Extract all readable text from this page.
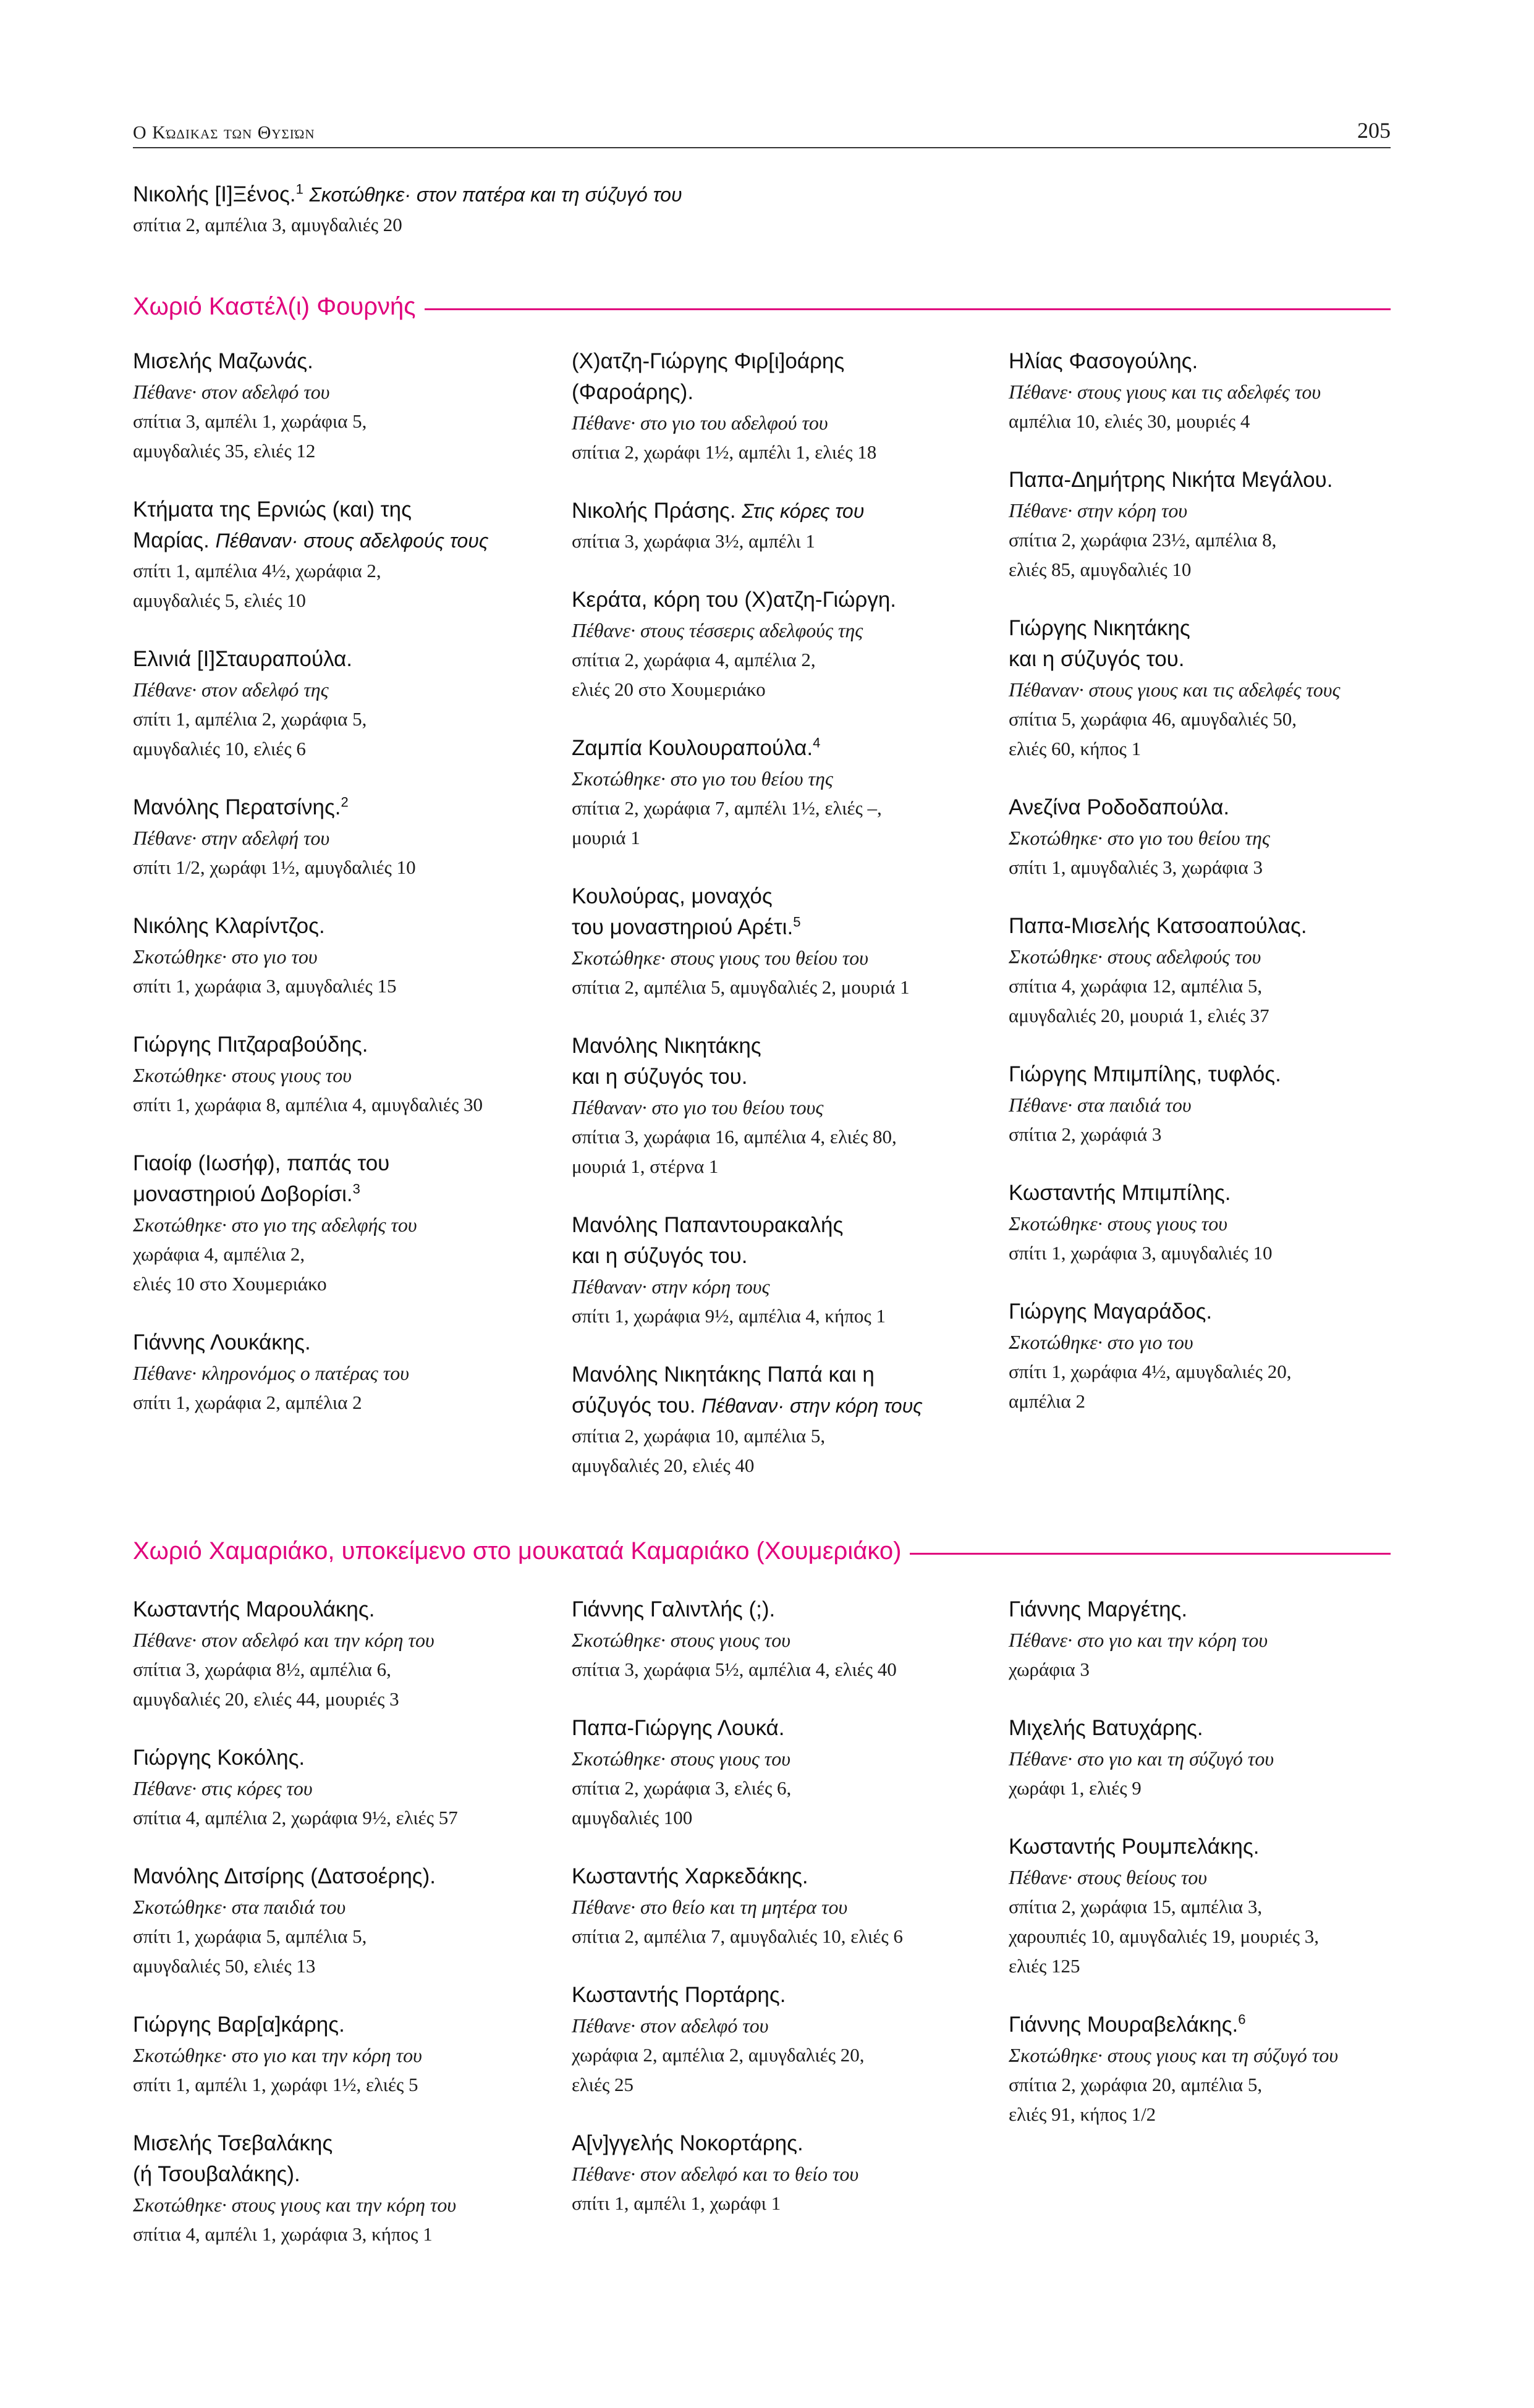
Ο Κώδικας των Θυσιών	205
Νικολής [Ι]Ξένος.$^1$ Σκοτώθηκε· στον πατέρα και τη σύζυγό του
σπίτια 2, αμπέλια 3, αμυγδαλιές 20
Χωριό Καστέλ(ι) Φουρνής
Μισελής Μαζωνάς.
Πέθανε· στον αδελφό του
σπίτια 3, αμπέλι 1, χωράφια 5,
αμυγδαλιές 35, ελιές 12
Κτήματα της Ερνιώς (και) της
Μαρίας. Πέθαναν· στους αδελφούς τους
σπίτι 1, αμπέλια 4½, χωράφια 2,
αμυγδαλιές 5, ελιές 10
Ελινιά [Ι]Σταυραπούλα.
Πέθανε· στον αδελφό της
σπίτι 1, αμπέλια 2, χωράφια 5,
αμυγδαλιές 10, ελιές 6
Μανόλης Περατσίνης.$^2$
Πέθανε· στην αδελφή του
σπίτι 1/2, χωράφι 1½, αμυγδαλιές 10
Νικόλης Κλαρίντζος.
Σκοτώθηκε· στο γιο του
σπίτι 1, χωράφια 3, αμυγδαλιές 15
Γιώργης Πιτζαραβούδης.
Σκοτώθηκε· στους γιους του
σπίτι 1, χωράφια 8, αμπέλια 4, αμυγδαλιές 30
Γιαοίφ (Ιωσήφ), παπάς του
μοναστηριού Δοβορίσι.$^3$
Σκοτώθηκε· στο γιο της αδελφής του
χωράφια 4, αμπέλια 2,
ελιές 10 στο Χουμεριάκο
Γιάννης Λουκάκης.
Πέθανε· κληρονόμος ο πατέρας του
σπίτι 1, χωράφια 2, αμπέλια 2
(Χ)ατζη-Γιώργης Φιρ[ι]οάρης
(Φαροάρης).
Πέθανε· στο γιο του αδελφού του
σπίτια 2, χωράφι 1½, αμπέλι 1, ελιές 18
Νικολής Πράσης. Στις κόρες του
σπίτια 3, χωράφια 3½, αμπέλι 1
Κεράτα, κόρη του (Χ)ατζη-Γιώργη.
Πέθανε· στους τέσσερις αδελφούς της
σπίτια 2, χωράφια 4, αμπέλια 2,
ελιές 20 στο Χουμεριάκο
Ζαμπία Κουλουραπούλα.$^4$
Σκοτώθηκε· στο γιο του θείου της
σπίτια 2, χωράφια 7, αμπέλι 1½, ελιές –,
μουριά 1
Κουλούρας, μοναχός
του μοναστηριού Αρέτι.$^5$
Σκοτώθηκε· στους γιους του θείου του
σπίτια 2, αμπέλια 5, αμυγδαλιές 2, μουριά 1
Μανόλης Νικητάκης
και η σύζυγός του.
Πέθαναν· στο γιο του θείου τους
σπίτια 3, χωράφια 16, αμπέλια 4, ελιές 80,
μουριά 1, στέρνα 1
Μανόλης Παπαντουρακαλής
και η σύζυγός του.
Πέθαναν· στην κόρη τους
σπίτι 1, χωράφια 9½, αμπέλια 4, κήπος 1
Μανόλης Νικητάκης Παπά και η
σύζυγός του. Πέθαναν· στην κόρη τους
σπίτια 2, χωράφια 10, αμπέλια 5,
αμυγδαλιές 20, ελιές 40
Ηλίας Φασογούλης.
Πέθανε· στους γιους και τις αδελφές του
αμπέλια 10, ελιές 30, μουριές 4
Παπα-Δημήτρης Νικήτα Μεγάλου.
Πέθανε· στην κόρη του
σπίτια 2, χωράφια 23½, αμπέλια 8,
ελιές 85, αμυγδαλιές 10
Γιώργης Νικητάκης
και η σύζυγός του.
Πέθαναν· στους γιους και τις αδελφές τους
σπίτια 5, χωράφια 46, αμυγδαλιές 50,
ελιές 60, κήπος 1
Ανεζίνα Ροδοδαπούλα.
Σκοτώθηκε· στο γιο του θείου της
σπίτι 1, αμυγδαλιές 3, χωράφια 3
Παπα-Μισελής Κατσοαπούλας.
Σκοτώθηκε· στους αδελφούς του
σπίτια 4, χωράφια 12, αμπέλια 5,
αμυγδαλιές 20, μουριά 1, ελιές 37
Γιώργης Μπιμπίλης, τυφλός.
Πέθανε· στα παιδιά του
σπίτια 2, χωράφιά 3
Κωσταντής Μπιμπίλης.
Σκοτώθηκε· στους γιους του
σπίτι 1, χωράφια 3, αμυγδαλιές 10
Γιώργης Μαγαράδος.
Σκοτώθηκε· στο γιο του
σπίτι 1, χωράφια 4½, αμυγδαλιές 20,
αμπέλια 2
Χωριό Χαμαριάκο, υποκείμενο στο μουκαταά Καμαριάκο (Χουμεριάκο)
Κωσταντής Μαρουλάκης.
Πέθανε· στον αδελφό και την κόρη του
σπίτια 3, χωράφια 8½, αμπέλια 6,
αμυγδαλιές 20, ελιές 44, μουριές 3
Γιώργης Κοκόλης.
Πέθανε· στις κόρες του
σπίτια 4, αμπέλια 2, χωράφια 9½, ελιές 57
Μανόλης Διτσίρης (Δατσοέρης).
Σκοτώθηκε· στα παιδιά του
σπίτι 1, χωράφια 5, αμπέλια 5,
αμυγδαλιές 50, ελιές 13
Γιώργης Βαρ[α]κάρης.
Σκοτώθηκε· στο γιο και την κόρη του
σπίτι 1, αμπέλι 1, χωράφι 1½, ελιές 5
Μισελής Τσεβαλάκης
(ή Τσουβαλάκης).
Σκοτώθηκε· στους γιους και την κόρη του
σπίτια 4, αμπέλι 1, χωράφια 3, κήπος 1
Γιάννης Γαλιντλής (;).
Σκοτώθηκε· στους γιους του
σπίτια 3, χωράφια 5½, αμπέλια 4, ελιές 40
Παπα-Γιώργης Λουκά.
Σκοτώθηκε· στους γιους του
σπίτια 2, χωράφια 3, ελιές 6,
αμυγδαλιές 100
Κωσταντής Χαρκεδάκης.
Πέθανε· στο θείο και τη μητέρα του
σπίτια 2, αμπέλια 7, αμυγδαλιές 10, ελιές 6
Κωσταντής Πορτάρης.
Πέθανε· στον αδελφό του
χωράφια 2, αμπέλια 2, αμυγδαλιές 20,
ελιές 25
Α[ν]γγελής Νοκορτάρης.
Πέθανε· στον αδελφό και το θείο του
σπίτι 1, αμπέλι 1, χωράφι 1
Γιάννης Μαργέτης.
Πέθανε· στο γιο και την κόρη του
χωράφια 3
Μιχελής Βατυχάρης.
Πέθανε· στο γιο και τη σύζυγό του
χωράφι 1, ελιές 9
Κωσταντής Ρουμπελάκης.
Πέθανε· στους θείους του
σπίτια 2, χωράφια 15, αμπέλια 3,
χαρουπιές 10, αμυγδαλιές 19, μουριές 3,
ελιές 125
Γιάννης Μουραβελάκης.$^6$
Σκοτώθηκε· στους γιους και τη σύζυγό του
σπίτια 2, χωράφια 20, αμπέλια 5,
ελιές 91, κήπος 1/2
